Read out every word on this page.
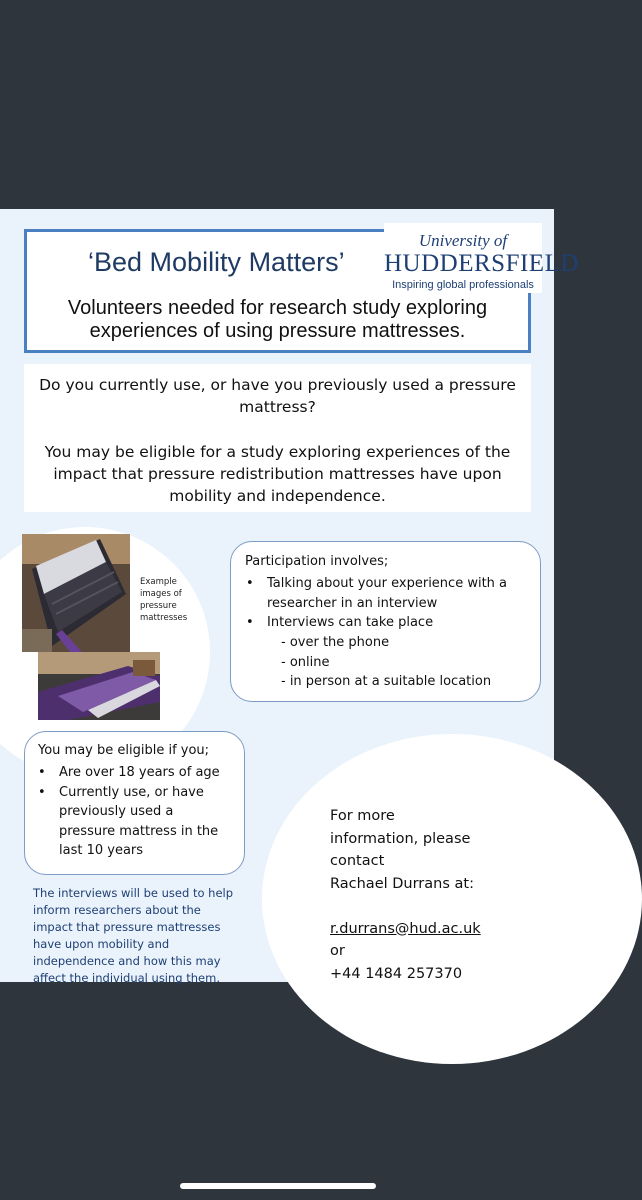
‘Bed Mobility Matters’
University of
HUDDERSFIELD
Inspiring global professionals
Volunteers needed for research study exploring
experiences of using pressure mattresses.
Do you currently use, or have you previously used a pressure
mattress?
You may be eligible for a study exploring experiences of the
impact that pressure redistribution mattresses have upon
mobility and independence.
Example
images of
pressure
mattresses
Participation involves;
• Talking about your experience with a
researcher in an interview
• Interviews can take place
- over the phone
- online
- in person at a suitable location
You may be eligible if you;
• Are over 18 years of age
• Currently use, or have
previously used a
pressure mattress in the
last 10 years
The interviews will be used to help
inform researchers about the
impact that pressure mattresses
have upon mobility and
independence and how this may
affect the individual using them.
For more
information, please
contact
Rachael Durrans at:
r.durrans@hud.ac.uk
or
+44 1484 257370
